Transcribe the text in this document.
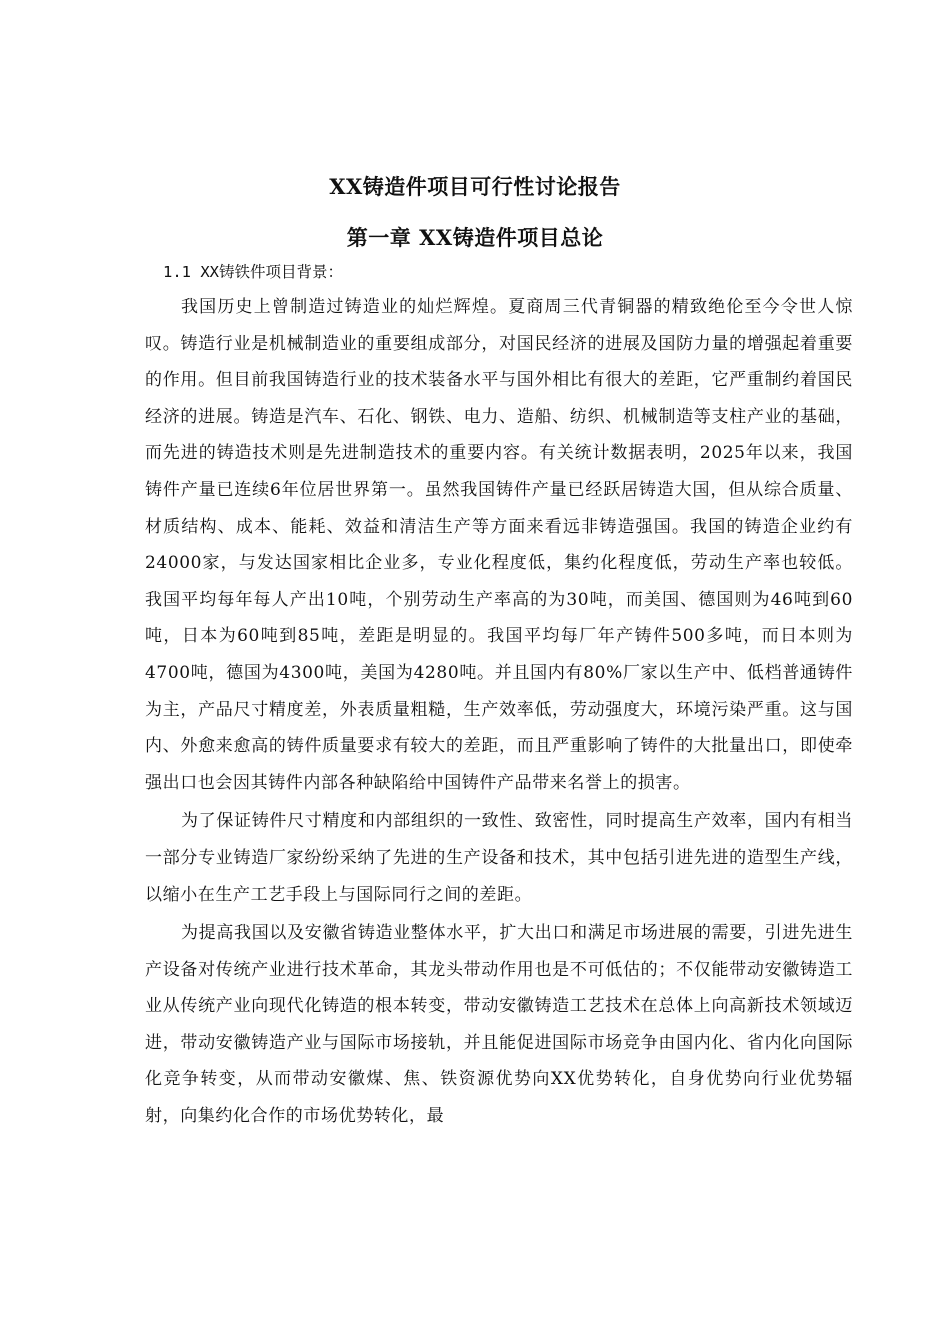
XX铸造件项目可行性讨论报告
第一章 XX铸造件项目总论
1.1 XX铸铁件项目背景：

我国历史上曾制造过铸造业的灿烂辉煌。夏商周三代青铜器的精致绝伦至今令世人惊叹。铸造行业是机械制造业的重要组成部分，对国民经济的进展及国防力量的增强起着重要的作用。但目前我国铸造行业的技术装备水平与国外相比有很大的差距，它严重制约着国民经济的进展。铸造是汽车、石化、钢铁、电力、造船、纺织、机械制造等支柱产业的基础，而先进的铸造技术则是先进制造技术的重要内容。有关统计数据表明，2025年以来，我国铸件产量已连续6年位居世界第一。虽然我国铸件产量已经跃居铸造大国，但从综合质量、材质结构、成本、能耗、效益和清洁生产等方面来看远非铸造强国。我国的铸造企业约有24000家，与发达国家相比企业多，专业化程度低，集约化程度低，劳动生产率也较低。我国平均每年每人产出10吨，个别劳动生产率高的为30吨，而美国、德国则为46吨到60吨，日本为60吨到85吨，差距是明显的。我国平均每厂年产铸件500多吨，而日本则为4700吨，德国为4300吨，美国为4280吨。并且国内有80%厂家以生产中、低档普通铸件为主，产品尺寸精度差，外表质量粗糙，生产效率低，劳动强度大，环境污染严重。这与国内、外愈来愈高的铸件质量要求有较大的差距，而且严重影响了铸件的大批量出口，即使牵强出口也会因其铸件内部各种缺陷给中国铸件产品带来名誉上的损害。

为了保证铸件尺寸精度和内部组织的一致性、致密性，同时提高生产效率，国内有相当一部分专业铸造厂家纷纷采纳了先进的生产设备和技术，其中包括引进先进的造型生产线，以缩小在生产工艺手段上与国际同行之间的差距。

为提高我国以及安徽省铸造业整体水平，扩大出口和满足市场进展的需要，引进先进生产设备对传统产业进行技术革命，其龙头带动作用也是不可低估的；不仅能带动安徽铸造工业从传统产业向现代化铸造的根本转变，带动安徽铸造工艺技术在总体上向高新技术领域迈进，带动安徽铸造产业与国际市场接轨，并且能促进国际市场竞争由国内化、省内化向国际化竞争转变，从而带动安徽煤、焦、铁资源优势向XX优势转化，自身优势向行业优势辐射，向集约化合作的市场优势转化，最
